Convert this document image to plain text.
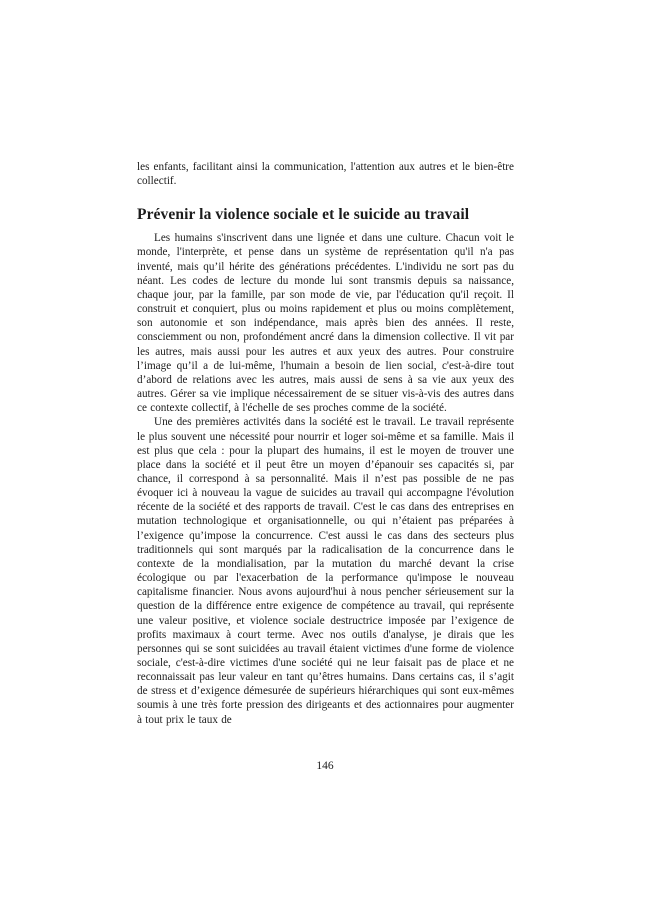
les enfants, facilitant ainsi la communication, l'attention aux autres et le bien-être collectif.

Prévenir la violence sociale et le suicide au travail

Les humains s'inscrivent dans une lignée et dans une culture. Chacun voit le monde, l'interprète, et pense dans un système de représentation qu'il n'a pas inventé, mais qu’il hérite des générations précédentes. L'individu ne sort pas du néant. Les codes de lecture du monde lui sont transmis depuis sa naissance, chaque jour, par la famille, par son mode de vie, par l'éducation qu'il reçoit. Il construit et conquiert, plus ou moins rapidement et plus ou moins complètement, son autonomie et son indépendance, mais après bien des années. Il reste, consciemment ou non, profondément ancré dans la dimension collective. Il vit par les autres, mais aussi pour les autres et aux yeux des autres. Pour construire l’image qu’il a de lui-même, l'humain a besoin de lien social, c'est-à-dire tout d’abord de relations avec les autres, mais aussi de sens à sa vie aux yeux des autres. Gérer sa vie implique nécessairement de se situer vis-à-vis des autres dans ce contexte collectif, à l'échelle de ses proches comme de la société.

Une des premières activités dans la société est le travail. Le travail représente le plus souvent une nécessité pour nourrir et loger soi-même et sa famille. Mais il est plus que cela : pour la plupart des humains, il est le moyen de trouver une place dans la société et il peut être un moyen d’épanouir ses capacités si, par chance, il correspond à sa personnalité. Mais il n’est pas possible de ne pas évoquer ici à nouveau la vague de suicides au travail qui accompagne l'évolution récente de la société et des rapports de travail. C'est le cas dans des entreprises en mutation technologique et organisationnelle, ou qui n’étaient pas préparées à l’exigence qu’impose la concurrence. C'est aussi le cas dans des secteurs plus traditionnels qui sont marqués par la radicalisation de la concurrence dans le contexte de la mondialisation, par la mutation du marché devant la crise écologique ou par l'exacerbation de la performance qu'impose le nouveau capitalisme financier. Nous avons aujourd'hui à nous pencher sérieusement sur la question de la différence entre exigence de compétence au travail, qui représente une valeur positive, et violence sociale destructrice imposée par l’exigence de profits maximaux à court terme. Avec nos outils d'analyse, je dirais que les personnes qui se sont suicidées au travail étaient victimes d'une forme de violence sociale, c'est-à-dire victimes d'une société qui ne leur faisait pas de place et ne reconnaissait pas leur valeur en tant qu’êtres humains. Dans certains cas, il s’agit de stress et d’exigence démesurée de supérieurs hiérarchiques qui sont eux-mêmes soumis à une très forte pression des dirigeants et des actionnaires pour augmenter à tout prix le taux de

146
